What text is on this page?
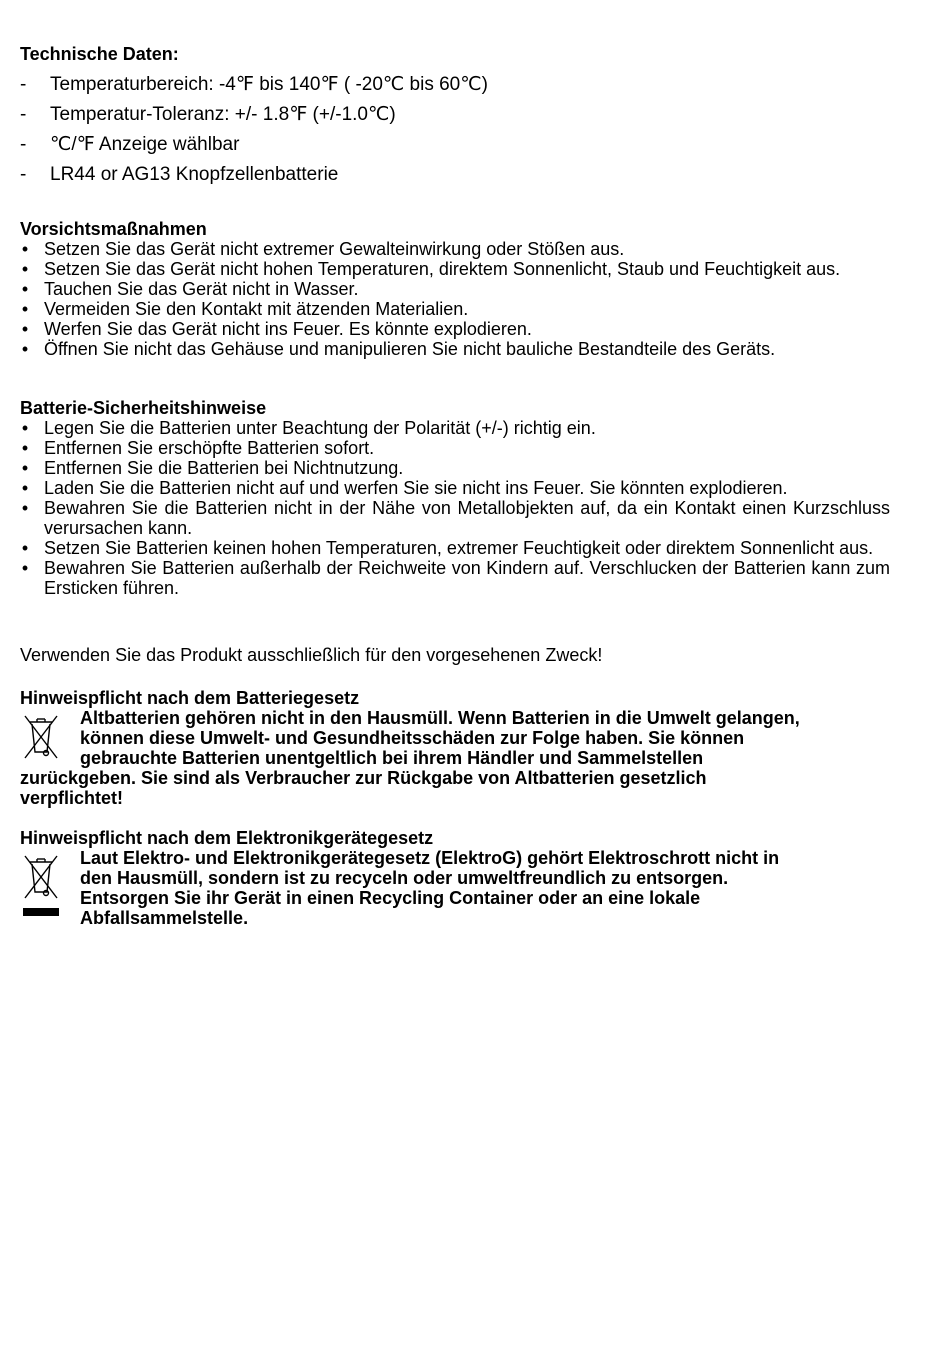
Technische Daten:
- Temperaturbereich: -4℉ bis 140℉ ( -20℃ bis 60℃)
- Temperatur-Toleranz: +/- 1.8℉ (+/-1.0℃)
- ℃/℉ Anzeige wählbar
- LR44 or AG13 Knopfzellenbatterie
Vorsichtsmaßnahmen
• Setzen Sie das Gerät nicht extremer Gewalteinwirkung oder Stößen aus.
• Setzen Sie das Gerät nicht hohen Temperaturen, direktem Sonnenlicht, Staub und Feuchtigkeit aus.
• Tauchen Sie das Gerät nicht in Wasser.
• Vermeiden Sie den Kontakt mit ätzenden Materialien.
• Werfen Sie das Gerät nicht ins Feuer. Es könnte explodieren.
• Öffnen Sie nicht das Gehäuse und manipulieren Sie nicht bauliche Bestandteile des Geräts.
Batterie-Sicherheitshinweise
• Legen Sie die Batterien unter Beachtung der Polarität (+/-) richtig ein.
• Entfernen Sie erschöpfte Batterien sofort.
• Entfernen Sie die Batterien bei Nichtnutzung.
• Laden Sie die Batterien nicht auf und werfen Sie sie nicht ins Feuer. Sie könnten explodieren.
• Bewahren Sie die Batterien nicht in der Nähe von Metallobjekten auf, da ein Kontakt einen Kurzschluss verursachen kann.
• Setzen Sie Batterien keinen hohen Temperaturen, extremer Feuchtigkeit oder direktem Sonnenlicht aus.
• Bewahren Sie Batterien außerhalb der Reichweite von Kindern auf. Verschlucken der Batterien kann zum Ersticken führen.
Verwenden Sie das Produkt ausschließlich für den vorgesehenen Zweck!
Hinweispflicht nach dem Batteriegesetz
Altbatterien gehören nicht in den Hausmüll. Wenn Batterien in die Umwelt gelangen,
können diese Umwelt- und Gesundheitsschäden zur Folge haben. Sie können
gebrauchte Batterien unentgeltlich bei ihrem Händler und Sammelstellen
zurückgeben. Sie sind als Verbraucher zur Rückgabe von Altbatterien gesetzlich
verpflichtet!
Hinweispflicht nach dem Elektronikgerätegesetz
Laut Elektro- und Elektronikgerätegesetz (ElektroG) gehört Elektroschrott nicht in
den Hausmüll, sondern ist zu recyceln oder umweltfreundlich zu entsorgen.
Entsorgen Sie ihr Gerät in einen Recycling Container oder an eine lokale
Abfallsammelstelle.
